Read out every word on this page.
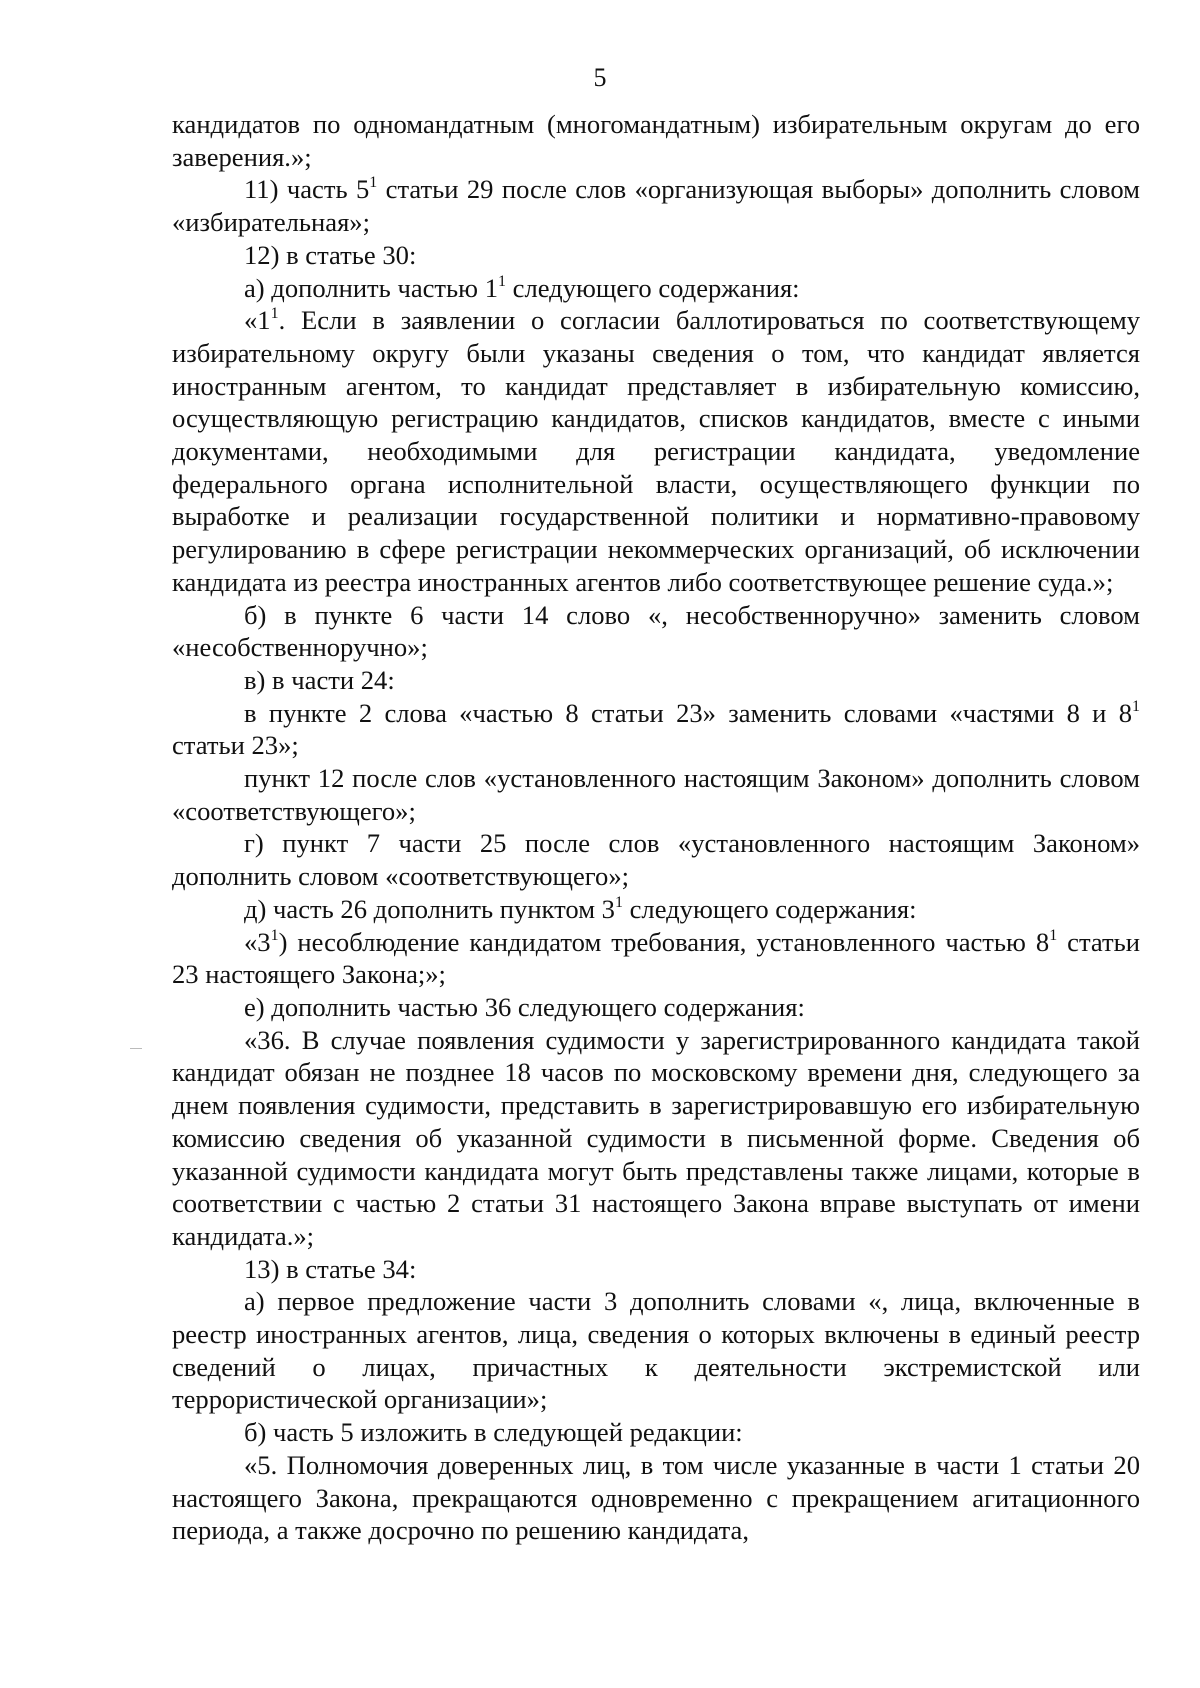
5

кандидатов по одномандатным (многомандатным) избирательным округам до его заверения.»;

11) часть $5^1$ статьи 29 после слов «организующая выборы» дополнить словом «избирательная»;

12) в статье 30:

а) дополнить частью $1^1$ следующего содержания:

«$1^1$. Если в заявлении о согласии баллотироваться по соответствующему избирательному округу были указаны сведения о том, что кандидат является иностранным агентом, то кандидат представляет в избирательную комиссию, осуществляющую регистрацию кандидатов, списков кандидатов, вместе с иными документами, необходимыми для регистрации кандидата, уведомление федерального органа исполнительной власти, осуществляющего функции по выработке и реализации государственной политики и нормативно-правовому регулированию в сфере регистрации некоммерческих организаций, об исключении кандидата из реестра иностранных агентов либо соответствующее решение суда.»;

б) в пункте 6 части 14 слово «, несобственноручно» заменить словом «несобственноручно»;

в) в части 24:

в пункте 2 слова «частью 8 статьи 23» заменить словами «частями 8 и $8^1$ статьи 23»;

пункт 12 после слов «установленного настоящим Законом» дополнить словом «соответствующего»;

г) пункт 7 части 25 после слов «установленного настоящим Законом» дополнить словом «соответствующего»;

д) часть 26 дополнить пунктом $3^1$ следующего содержания:

«$3^1$) несоблюдение кандидатом требования, установленного частью $8^1$ статьи 23 настоящего Закона;»;

е) дополнить частью 36 следующего содержания:

«36. В случае появления судимости у зарегистрированного кандидата такой кандидат обязан не позднее 18 часов по московскому времени дня, следующего за днем появления судимости, представить в зарегистрировавшую его избирательную комиссию сведения об указанной судимости в письменной форме. Сведения об указанной судимости кандидата могут быть представлены также лицами, которые в соответствии с частью 2 статьи 31 настоящего Закона вправе выступать от имени кандидата.»;

13) в статье 34:

а) первое предложение части 3 дополнить словами «, лица, включенные в реестр иностранных агентов, лица, сведения о которых включены в единый реестр сведений о лицах, причастных к деятельности экстремистской или террористической организации»;

б) часть 5 изложить в следующей редакции:

«5. Полномочия доверенных лиц, в том числе указанные в части 1 статьи 20 настоящего Закона, прекращаются одновременно с прекращением агитационного периода, а также досрочно по решению кандидата,
